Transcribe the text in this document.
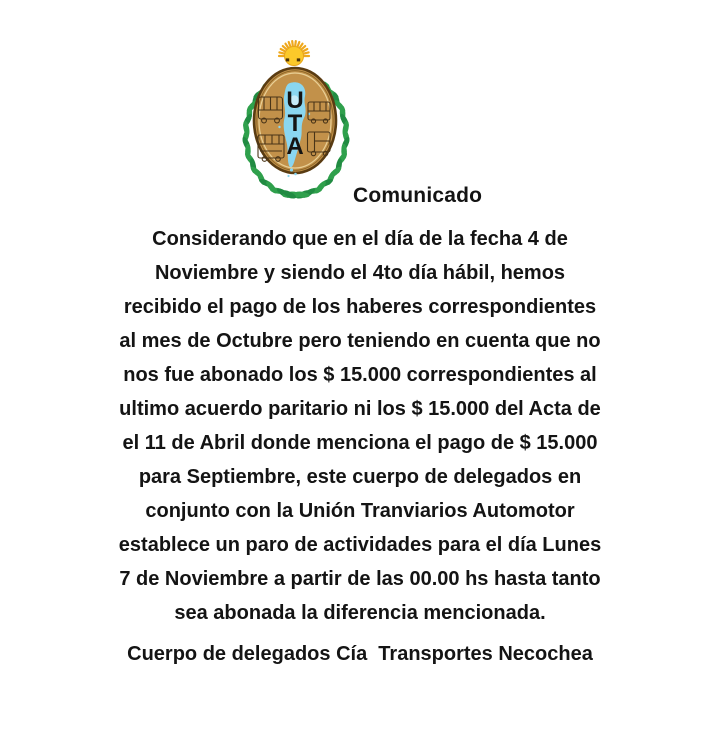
U
T
A
Comunicado
Considerando que en el día de la fecha 4 de
Noviembre y siendo el 4to día hábil, hemos
recibido el pago de los haberes correspondientes
al mes de Octubre pero teniendo en cuenta que no
nos fue abonado los $ 15.000 correspondientes al
ultimo acuerdo paritario ni los $ 15.000 del Acta de
el 11 de Abril donde menciona el pago de $ 15.000
para Septiembre, este cuerpo de delegados en
conjunto con la Unión Tranviarios Automotor
establece un paro de actividades para el día Lunes
7 de Noviembre a partir de las 00.00 hs hasta tanto
sea abonada la diferencia mencionada.
Cuerpo de delegados Cía  Transportes Necochea
